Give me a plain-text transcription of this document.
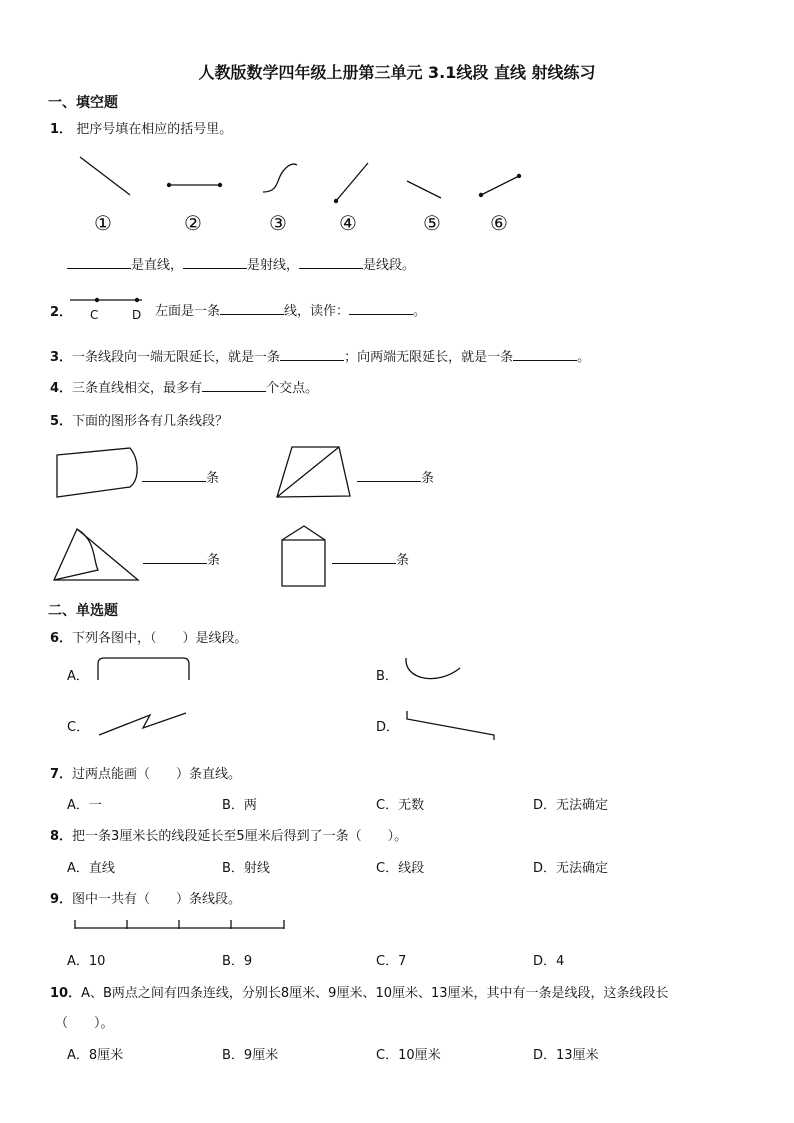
人教版数学四年级上册第三单元 3.1线段 直线 射线练习
一、填空题
1． 把序号填在相应的括号里。
①	②	③	④	⑤ ⑥
是直线，	是射线，	是线段。
2． C	D 左面是一条	线，读作：	。
3．一条线段向一端无限延长，就是一条	；向两端无限延长，就是一条	。
4．三条直线相交，最多有	个交点。
5．下面的图形各有几条线段？
条	条
条	条
二、单选题
6．下列各图中，（　　）是线段。
A．	B．
C．	D．
7．过两点能画（　　）条直线。
A．一	B．两	C．无数	D．无法确定
8．把一条3厘米长的线段延长至5厘米后得到了一条（　　）。
A．直线	B．射线	C．线段	D．无法确定
9．图中一共有（　　）条线段。
A．10	B．9	C．7	D．4
10．A、B两点之间有四条连线，分别长8厘米、9厘米、10厘米、13厘米，其中有一条是线段，这条线段长
（　　）。
A．8厘米	B．9厘米	C．10厘米	D．13厘米
